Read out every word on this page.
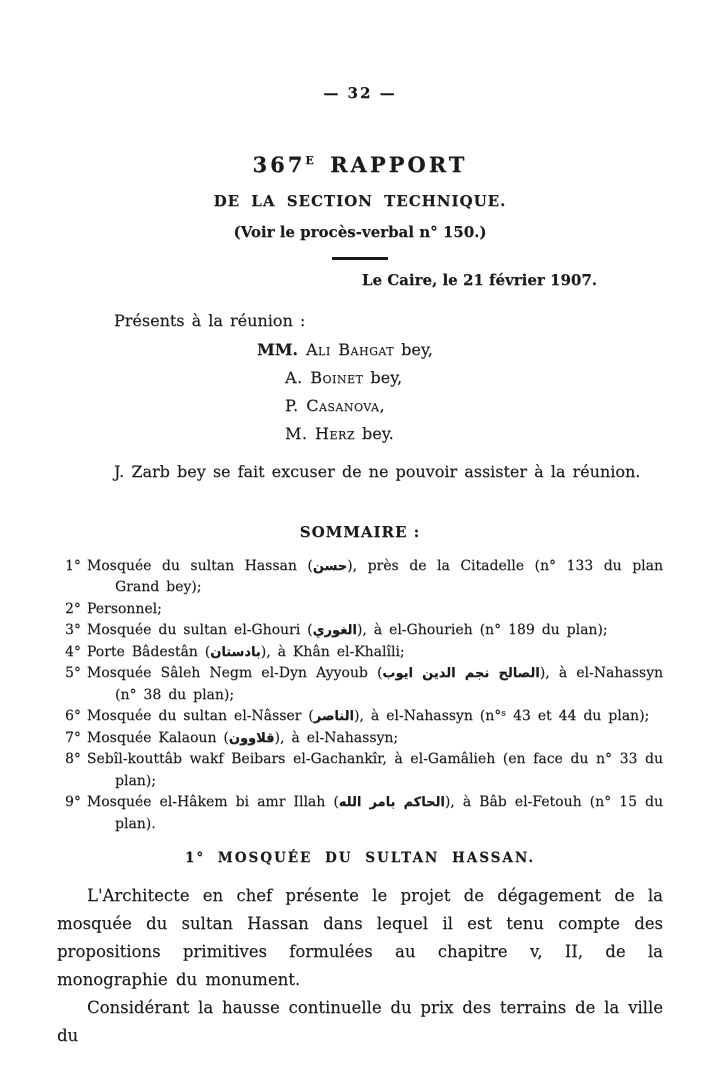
— 32 —
$367^E$ RAPPORT
DE LA SECTION TECHNIQUE.
(Voir le procès-verbal n° 150.)
Le Caire, le 21 février 1907.
Présents à la réunion :
MM. Ali Bahgat bey,
A. Boinet bey,
P. Casanova,
M. Herz bey.
J. Zarb bey se fait excuser de ne pouvoir assister à la réunion.
SOMMAIRE :
1° Mosquée du sultan Hassan (حسن), près de la Citadelle (n° 133 du plan Grand bey);
2° Personnel;
3° Mosquée du sultan el-Ghouri (الغوري), à el-Ghourieh (n° 189 du plan);
4° Porte Bâdestân (بادستان), à Khân el-Khalîli;
5° Mosquée Sâleh Negm el-Dyn Ayyoub (الصالح نجم الدين ايوب), à el-Nahassyn (n° 38 du plan);
6° Mosquée du sultan el-Nâsser (الناصر), à el-Nahassyn (n°ˢ 43 et 44 du plan);
7° Mosquée Kalaoun (قلاوون), à el-Nahassyn;
8° Sebîl-kouttâb wakf Beibars el-Gachankîr, à el-Gamâlieh (en face du n° 33 du plan);
9° Mosquée el-Hâkem bi amr Illah (الحاكم بامر الله), à Bâb el-Fetouh (n° 15 du plan).
1° MOSQUÉE DU SULTAN HASSAN.

L'Architecte en chef présente le projet de dégagement de la mosquée du sultan Hassan dans lequel il est tenu compte des propositions primitives formulées au chapitre v, II, de la monographie du monument.

Considérant la hausse continuelle du prix des terrains de la ville du
